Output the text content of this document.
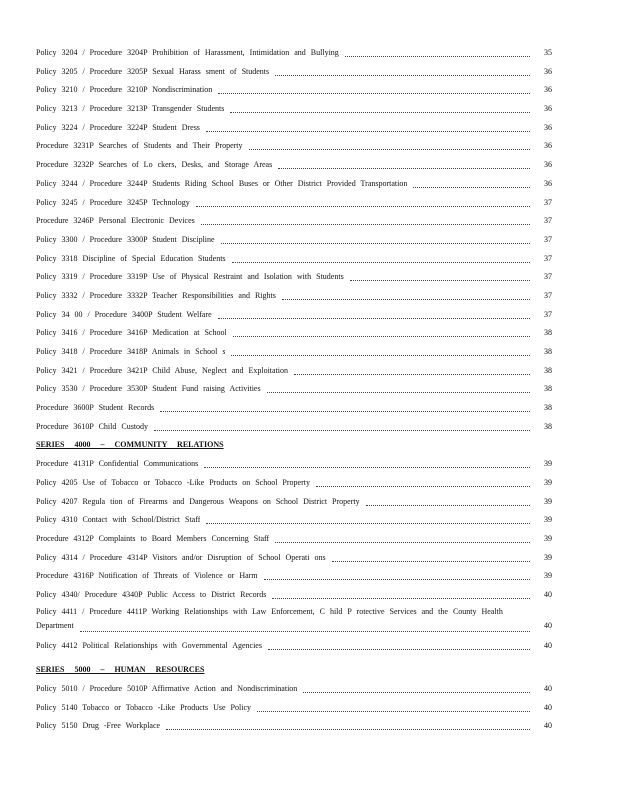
Policy 3204 / Procedure 3204P Prohibition of Harassment, Intimidation and Bullying	35
Policy 3205 / Procedure 3205P Sexual Harass sment of Students	36
Policy 3210 / Procedure 3210P Nondiscrimination	36
Policy 3213 / Procedure 3213P Transgender Students	36
Policy 3224 / Procedure 3224P Student Dress	36
Procedure 3231P Searches of Students and Their Property	36
Procedure 3232P Searches of Lo ckers, Desks, and Storage Areas	36
Policy 3244 / Procedure 3244P Students Riding School Buses or Other District Provided Transportation	36
Policy 3245 / Procedure 3245P Technology	37
Procedure 3246P Personal Electronic Devices	37
Policy 3300 / Procedure 3300P Student Discipline	37
Policy 3318 Discipline of Special Education Students	37
Policy 3319 / Procedure 3319P Use of Physical Restraint and Isolation with Students	37
Policy 3332 / Procedure 3332P Teacher Responsibilities and Rights	37
Policy 34 00 / Procedure 3400P Student Welfare	37
Policy 3416 / Procedure 3416P Medication at School	38
Policy 3418 / Procedure 3418P Animals in School s	38
Policy 3421 / Procedure 3421P Child Abuse, Neglect and Exploitation	38
Policy 3530 / Procedure 3530P Student Fund raising Activities	38
Procedure 3600P Student Records	38
Procedure 3610P Child Custody	38
SERIES 4000 – COMMUNITY RELATIONS
Procedure 4131P Confidential Communications	39
Policy 4205 Use of Tobacco or Tobacco -Like Products on School Property	39
Policy 4207 Regula tion of Firearms and Dangerous Weapons on School District Property	39
Policy 4310 Contact with School/District Staff	39
Procedure 4312P Complaints to Board Members Concerning Staff	39
Policy 4314 / Procedure 4314P Visitors and/or Disruption of School Operati ons	39
Procedure 4316P Notification of Threats of Violence or Harm	39
Policy 4340/ Procedure 4340P Public Access to District Records	40
Policy 4411 / Procedure 4411P Working Relationships with Law Enforcement, C hild P rotective Services and the County Health Department	40
Policy 4412 Political Relationships with Governmental Agencies	40
SERIES 5000 – HUMAN RESOURCES
Policy 5010 / Procedure 5010P Affirmative Action and Nondiscrimination	40
Policy 5140 Tobacco or Tobacco -Like Products Use Policy	40
Policy 5150 Drug -Free Workplace	40
